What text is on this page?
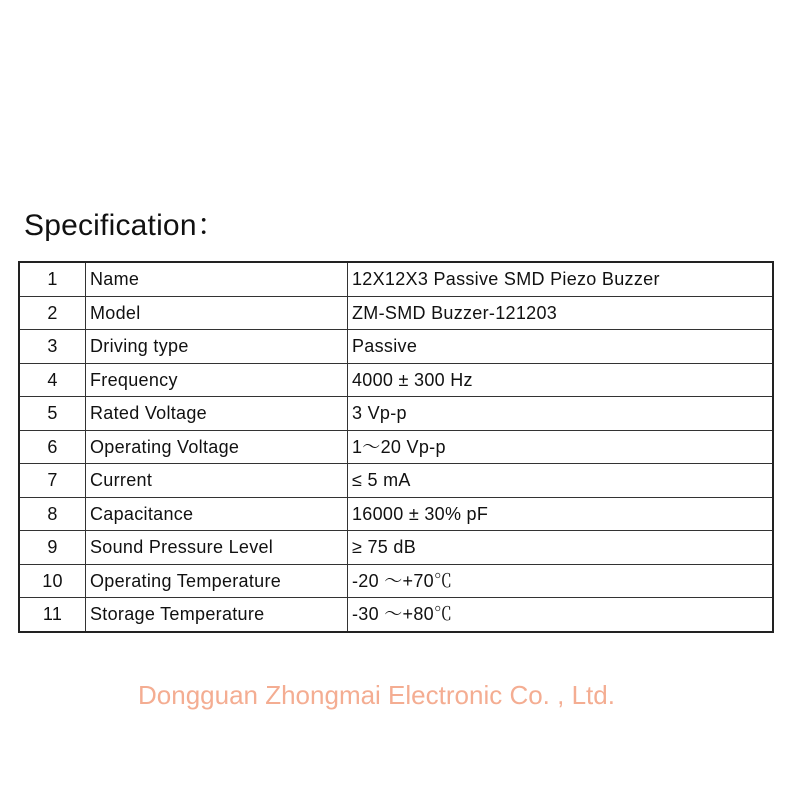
Specification：
1	Name	12X12X3 Passive SMD Piezo Buzzer
2	Model	ZM-SMD Buzzer-121203
3	Driving type	Passive
4	Frequency	4000 ± 300 Hz
5	Rated Voltage	3 Vp-p
6	Operating Voltage	1～20 Vp-p
7	Current	≤ 5 mA
8	Capacitance	16000 ± 30% pF
9	Sound Pressure Level	≥ 75 dB
10	Operating Temperature	-20 ～+70℃
11	Storage Temperature	-30 ～+80℃
Dongguan Zhongmai Electronic Co. , Ltd.
